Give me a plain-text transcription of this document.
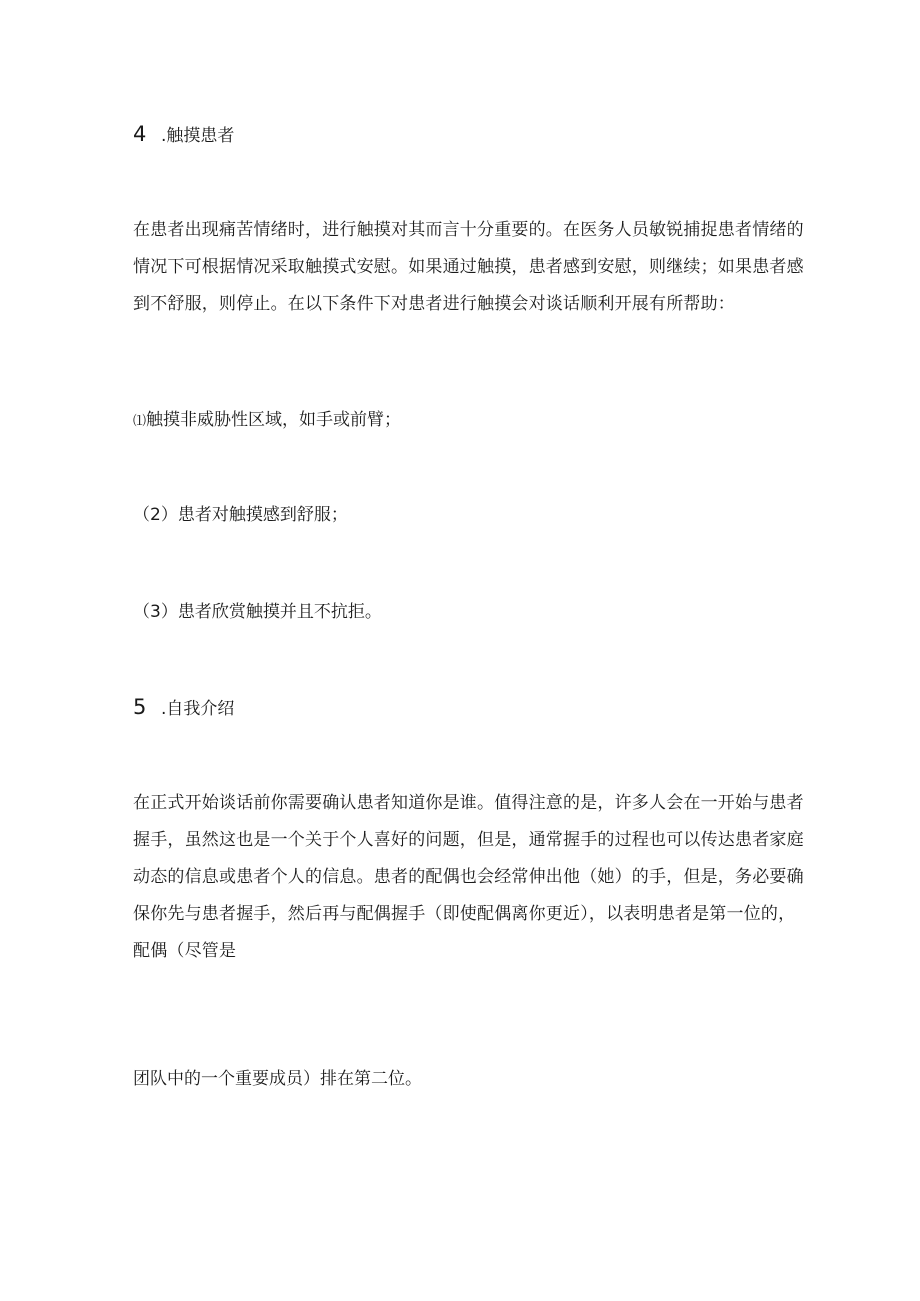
4 .触摸患者
在患者出现痛苦情绪时，进行触摸对其而言十分重要的。在医务人员敏锐捕捉患者情绪的
情况下可根据情况采取触摸式安慰。如果通过触摸，患者感到安慰，则继续；如果患者感
到不舒服，则停止。在以下条件下对患者进行触摸会对谈话顺利开展有所帮助：
⑴触摸非威胁性区域，如手或前臂；
（2）患者对触摸感到舒服；
（3）患者欣赏触摸并且不抗拒。
5 .自我介绍
在正式开始谈话前你需要确认患者知道你是谁。值得注意的是，许多人会在一开始与患者
握手，虽然这也是一个关于个人喜好的问题，但是，通常握手的过程也可以传达患者家庭
动态的信息或患者个人的信息。患者的配偶也会经常伸出他（她）的手，但是，务必要确
保你先与患者握手，然后再与配偶握手（即使配偶离你更近），以表明患者是第一位的，
配偶（尽管是
团队中的一个重要成员）排在第二位。
